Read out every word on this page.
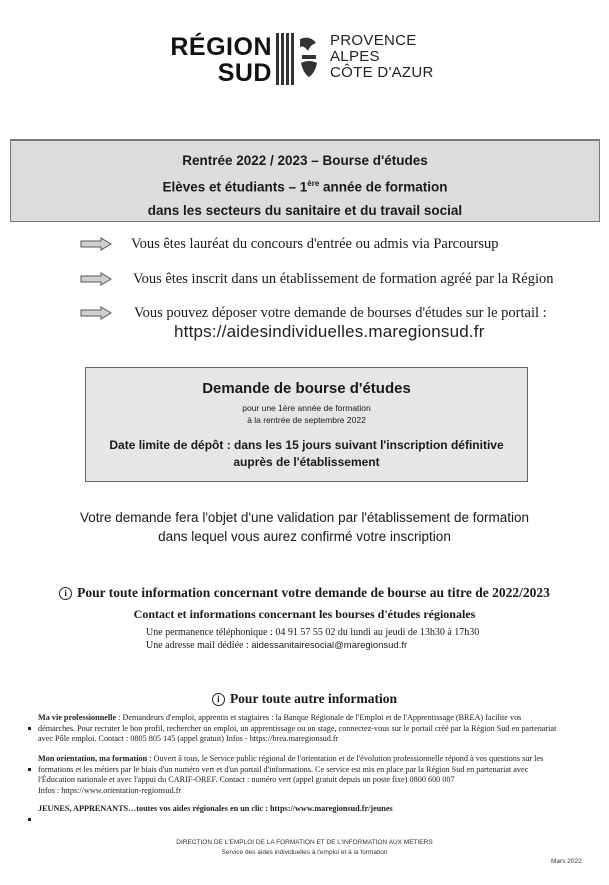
RÉGION
SUD
PROVENCE
ALPES
CÔTE D'AZUR
Rentrée 2022 / 2023 – Bourse d'études
Elèves et étudiants – 1ère année de formation
dans les secteurs du sanitaire et du travail social
Vous êtes lauréat du concours d'entrée ou admis via Parcoursup
Vous êtes inscrit dans un établissement de formation agréé par la Région
Vous pouvez déposer votre demande de bourses d'études sur le portail :
https://aidesindividuelles.maregionsud.fr
Demande de bourse d'études
pour une 1ère année de formation
à la rentrée de septembre 2022
Date limite de dépôt : dans les 15 jours suivant l'inscription définitive
auprès de l'établissement
Votre demande fera l'objet d'une validation par l'établissement de formation
dans lequel vous aurez confirmé votre inscription
i Pour toute information concernant votre demande de bourse au titre de 2022/2023
Contact et informations concernant les bourses d'études régionales
Une permanence téléphonique : 04 91 57 55 02 du lundi au jeudi de 13h30 à 17h30
Une adresse mail dédiée : aidessanitairesocial@maregionsud.fr
i Pour toute autre information
Ma vie professionnelle : Demandeurs d'emploi, apprentis et stagiaires : la Banque Régionale de l'Emploi et de l'Apprentissage (BREA) facilite vos
démarches. Pour recruter le bon profil, rechercher un emploi, un apprentissage ou un stage, connectez-vous sur le portail créé par la Région Sud en partenariat
avec Pôle emploi. Contact : 0805 805 145 (appel gratuit) Infos - https://brea.maregionsud.fr
Mon orientation, ma formation : Ouvert à tous, le Service public régional de l'orientation et de l'évolution professionnelle répond à vos questions sur les
formations et les métiers par le biais d'un numéro vert et d'un portail d'informations. Ce service est mis en place par la Région Sud en partenariat avec
l'Éducation nationale et avec l'appui du CARIF-OREF. Contact : numéro vert (appel gratuit depuis un poste fixe) 0800 600 007
Infos : https://www.orientation-regionsud.fr
JEUNES, APPRENANTS…toutes vos aides régionales en un clic : https://www.maregionsud.fr/jeunes
DIRECTION DE L'EMPLOI DE LA FORMATION ET DE L'INFORMATION AUX METIERS
Service des aides individuelles à l'emploi et à la formation
Mars 2022
